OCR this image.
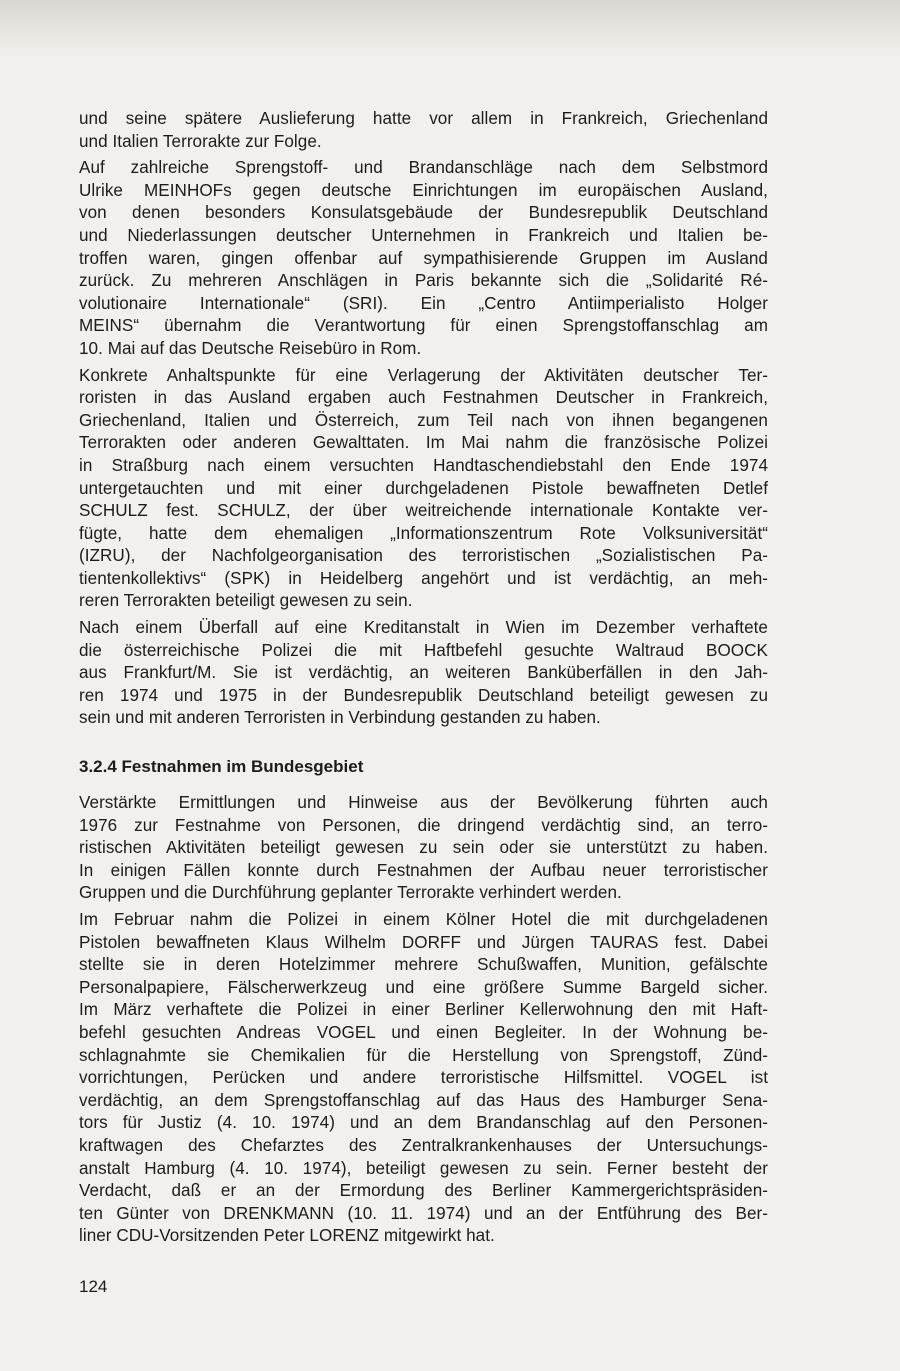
und seine spätere Auslieferung hatte vor allem in Frankreich, Griechenland
und Italien Terrorakte zur Folge.
Auf zahlreiche Sprengstoff- und Brandanschläge nach dem Selbstmord
Ulrike MEINHOFs gegen deutsche Einrichtungen im europäischen Ausland,
von denen besonders Konsulatsgebäude der Bundesrepublik Deutschland
und Niederlassungen deutscher Unternehmen in Frankreich und Italien be-
troffen waren, gingen offenbar auf sympathisierende Gruppen im Ausland
zurück. Zu mehreren Anschlägen in Paris bekannte sich die „Solidarité Ré-
volutionaire Internationale“ (SRI). Ein „Centro Antiimperialisto Holger
MEINS“ übernahm die Verantwortung für einen Sprengstoffanschlag am
10. Mai auf das Deutsche Reisebüro in Rom.
Konkrete Anhaltspunkte für eine Verlagerung der Aktivitäten deutscher Ter-
roristen in das Ausland ergaben auch Festnahmen Deutscher in Frankreich,
Griechenland, Italien und Österreich, zum Teil nach von ihnen begangenen
Terrorakten oder anderen Gewalttaten. Im Mai nahm die französische Polizei
in Straßburg nach einem versuchten Handtaschendiebstahl den Ende 1974
untergetauchten und mit einer durchgeladenen Pistole bewaffneten Detlef
SCHULZ fest. SCHULZ, der über weitreichende internationale Kontakte ver-
fügte, hatte dem ehemaligen „Informationszentrum Rote Volksuniversität“
(IZRU), der Nachfolgeorganisation des terroristischen „Sozialistischen Pa-
tientenkollektivs“ (SPK) in Heidelberg angehört und ist verdächtig, an meh-
reren Terrorakten beteiligt gewesen zu sein.
Nach einem Überfall auf eine Kreditanstalt in Wien im Dezember verhaftete
die österreichische Polizei die mit Haftbefehl gesuchte Waltraud BOOCK
aus Frankfurt/M. Sie ist verdächtig, an weiteren Banküberfällen in den Jah-
ren 1974 und 1975 in der Bundesrepublik Deutschland beteiligt gewesen zu
sein und mit anderen Terroristen in Verbindung gestanden zu haben.
3.2.4 Festnahmen im Bundesgebiet
Verstärkte Ermittlungen und Hinweise aus der Bevölkerung führten auch
1976 zur Festnahme von Personen, die dringend verdächtig sind, an terro-
ristischen Aktivitäten beteiligt gewesen zu sein oder sie unterstützt zu haben.
In einigen Fällen konnte durch Festnahmen der Aufbau neuer terroristischer
Gruppen und die Durchführung geplanter Terrorakte verhindert werden.
Im Februar nahm die Polizei in einem Kölner Hotel die mit durchgeladenen
Pistolen bewaffneten Klaus Wilhelm DORFF und Jürgen TAURAS fest. Dabei
stellte sie in deren Hotelzimmer mehrere Schußwaffen, Munition, gefälschte
Personalpapiere, Fälscherwerkzeug und eine größere Summe Bargeld sicher.
Im März verhaftete die Polizei in einer Berliner Kellerwohnung den mit Haft-
befehl gesuchten Andreas VOGEL und einen Begleiter. In der Wohnung be-
schlagnahmte sie Chemikalien für die Herstellung von Sprengstoff, Zünd-
vorrichtungen, Perücken und andere terroristische Hilfsmittel. VOGEL ist
verdächtig, an dem Sprengstoffanschlag auf das Haus des Hamburger Sena-
tors für Justiz (4. 10. 1974) und an dem Brandanschlag auf den Personen-
kraftwagen des Chefarztes des Zentralkrankenhauses der Untersuchungs-
anstalt Hamburg (4. 10. 1974), beteiligt gewesen zu sein. Ferner besteht der
Verdacht, daß er an der Ermordung des Berliner Kammergerichtspräsiden-
ten Günter von DRENKMANN (10. 11. 1974) und an der Entführung des Ber-
liner CDU-Vorsitzenden Peter LORENZ mitgewirkt hat.
124
